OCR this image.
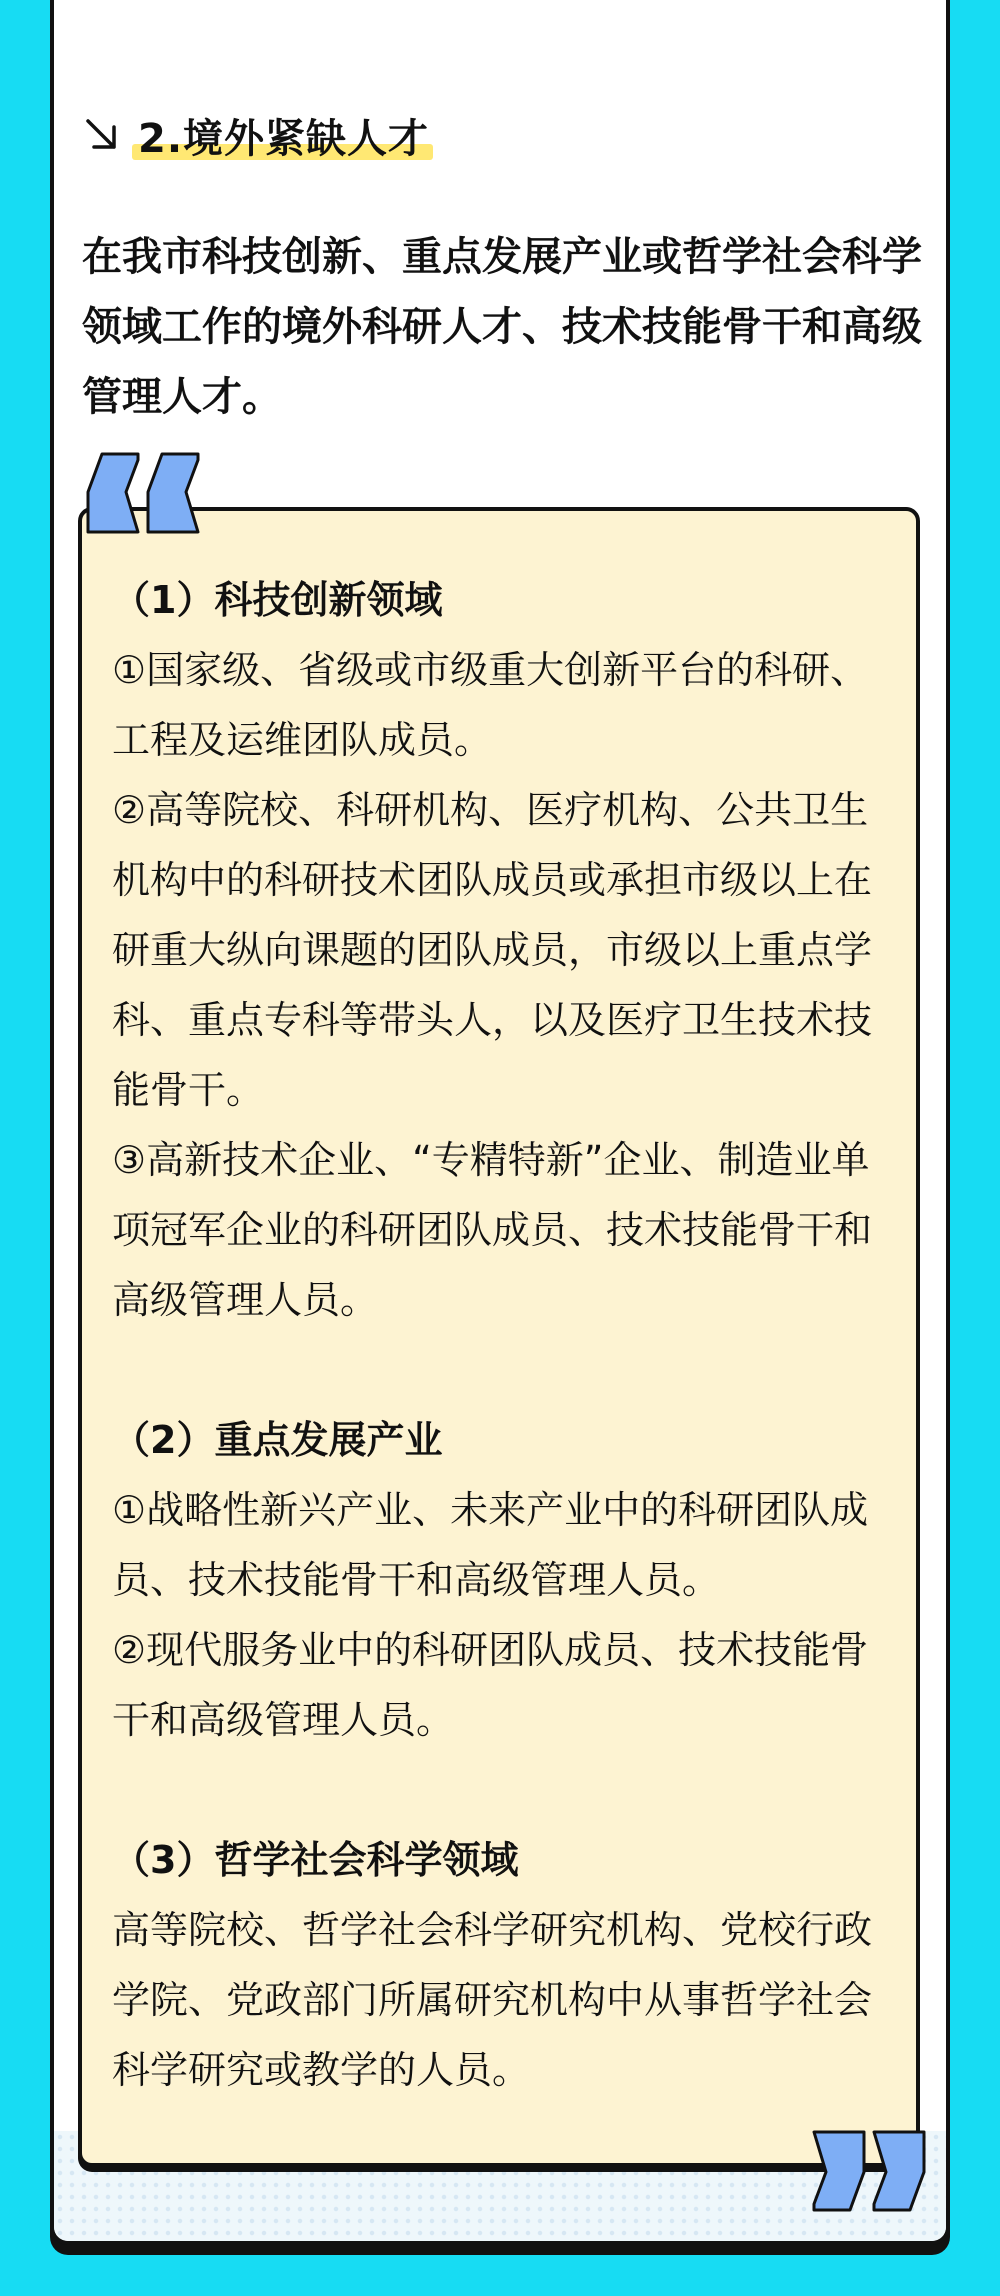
2.境外紧缺人才

在我市科技创新、重点发展产业或哲学社会科学领域工作的境外科研人才、技术技能骨干和高级管理人才。

（1）科技创新领域

①国家级、省级或市级重大创新平台的科研、工程及运维团队成员。

②高等院校、科研机构、医疗机构、公共卫生机构中的科研技术团队成员或承担市级以上在研重大纵向课题的团队成员，市级以上重点学科、重点专科等带头人，以及医疗卫生技术技能骨干。

③高新技术企业、“专精特新”企业、制造业单项冠军企业的科研团队成员、技术技能骨干和高级管理人员。

（2）重点发展产业

①战略性新兴产业、未来产业中的科研团队成员、技术技能骨干和高级管理人员。

②现代服务业中的科研团队成员、技术技能骨干和高级管理人员。

（3）哲学社会科学领域

高等院校、哲学社会科学研究机构、党校行政学院、党政部门所属研究机构中从事哲学社会科学研究或教学的人员。
